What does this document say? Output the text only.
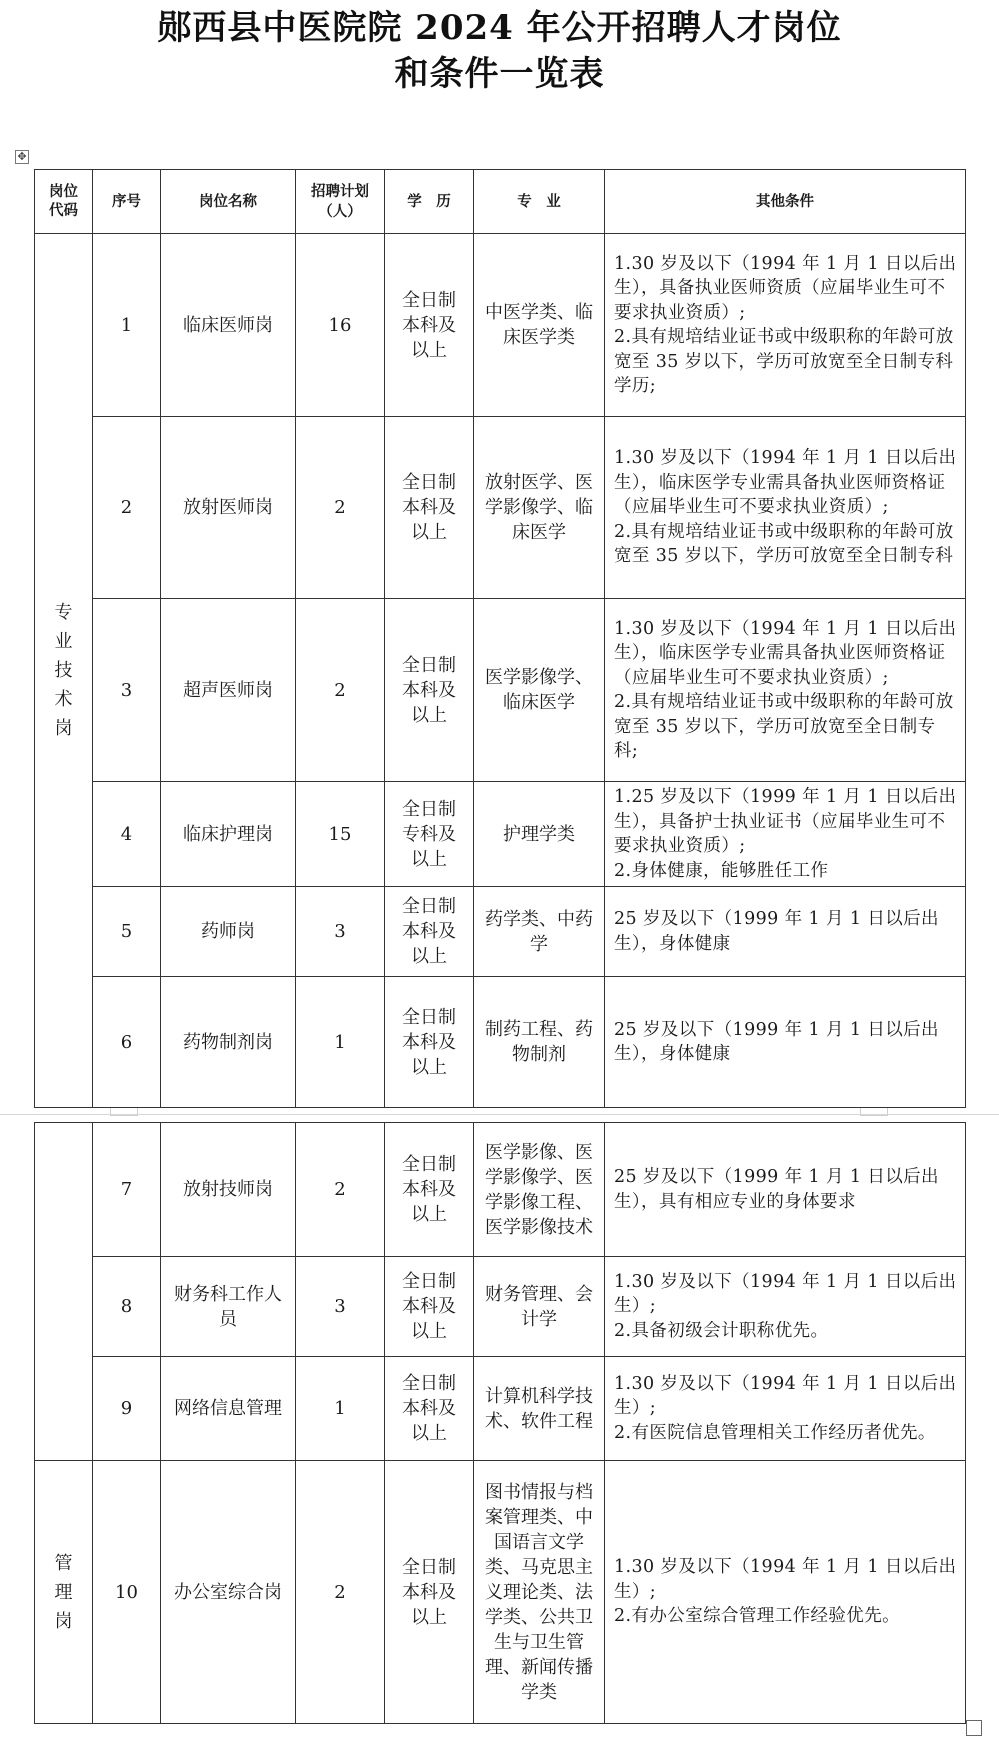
郧西县中医院院 2024 年公开招聘人才岗位
和条件一览表
✥
岗位代码	序号	岗位名称	招聘计划（人）	学　历	专　业	其他条件
专业技术岗	1	临床医师岗	16	全日制本科及以上	中医学类、临床医学类	1.30 岁及以下（1994 年 1 月 1 日以后出生），具备执业医师资质（应届毕业生可不要求执业资质）;
2.具有规培结业证书或中级职称的年龄可放宽至 35 岁以下，学历可放宽至全日制专科学历;
	2	放射医师岗	2	全日制本科及以上	放射医学、医学影像学、临床医学	1.30 岁及以下（1994 年 1 月 1 日以后出生），临床医学专业需具备执业医师资格证（应届毕业生可不要求执业资质）;
2.具有规培结业证书或中级职称的年龄可放宽至 35 岁以下，学历可放宽至全日制专科
	3	超声医师岗	2	全日制本科及以上	医学影像学、临床医学	1.30 岁及以下（1994 年 1 月 1 日以后出生），临床医学专业需具备执业医师资格证（应届毕业生可不要求执业资质）;
2.具有规培结业证书或中级职称的年龄可放宽至 35 岁以下，学历可放宽至全日制专科;
	4	临床护理岗	15	全日制专科及以上	护理学类	1.25 岁及以下（1999 年 1 月 1 日以后出生），具备护士执业证书（应届毕业生可不要求执业资质）;
2.身体健康，能够胜任工作
	5	药师岗	3	全日制本科及以上	药学类、中药学	25 岁及以下（1999 年 1 月 1 日以后出生），身体健康
	6	药物制剂岗	1	全日制本科及以上	制药工程、药物制剂	25 岁及以下（1999 年 1 月 1 日以后出生），身体健康
	7	放射技师岗	2	全日制本科及以上	医学影像、医学影像学、医学影像工程、医学影像技术	25 岁及以下（1999 年 1 月 1 日以后出生），具有相应专业的身体要求
	8	财务科工作人员	3	全日制本科及以上	财务管理、会计学	1.30 岁及以下（1994 年 1 月 1 日以后出生）;
2.具备初级会计职称优先。
	9	网络信息管理	1	全日制本科及以上	计算机科学技术、软件工程	1.30 岁及以下（1994 年 1 月 1 日以后出生）;
2.有医院信息管理相关工作经历者优先。
管理岗	10	办公室综合岗	2	全日制本科及以上	图书情报与档案管理类、中国语言文学类、马克思主义理论类、法学类、公共卫生与卫生管理、新闻传播学类	1.30 岁及以下（1994 年 1 月 1 日以后出生）;
2.有办公室综合管理工作经验优先。
